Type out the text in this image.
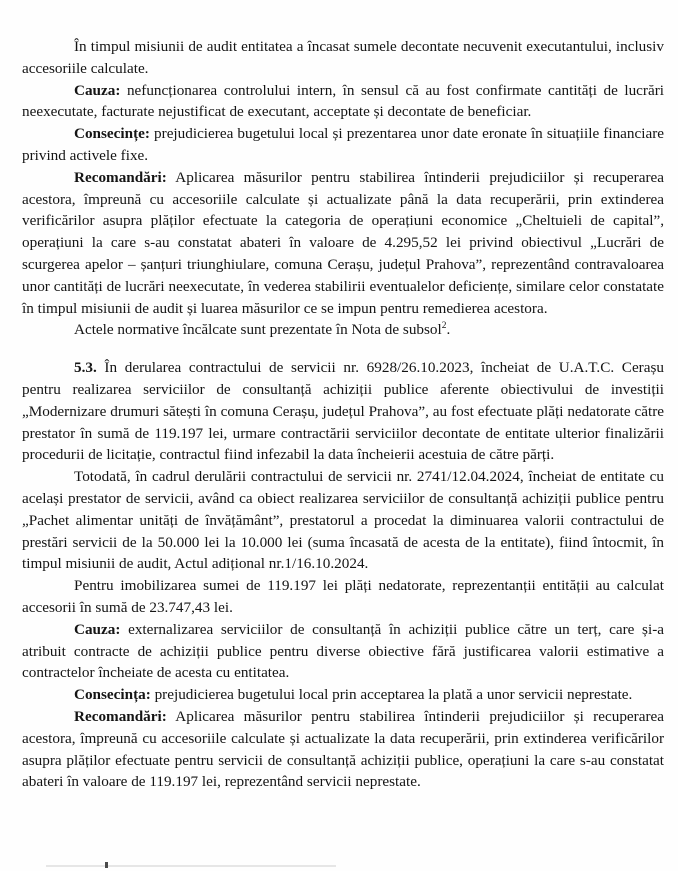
În timpul misiunii de audit entitatea a încasat sumele decontate necuvenit executantului, inclusiv accesoriile calculate.

Cauza: nefuncționarea controlului intern, în sensul că au fost confirmate cantități de lucrări neexecutate, facturate nejustificat de executant, acceptate și decontate de beneficiar.

Consecințe: prejudicierea bugetului local și prezentarea unor date eronate în situațiile financiare privind activele fixe.

Recomandări: Aplicarea măsurilor pentru stabilirea întinderii prejudiciilor și recuperarea acestora, împreună cu accesoriile calculate și actualizate până la data recuperării, prin extinderea verificărilor asupra plăților efectuate la categoria de operațiuni economice „Cheltuieli de capital”, operațiuni la care s-au constatat abateri în valoare de 4.295,52 lei privind obiectivul „Lucrări de scurgerea apelor – șanțuri triunghiulare, comuna Cerașu, județul Prahova”, reprezentând contravaloarea unor cantități de lucrări neexecutate, în vederea stabilirii eventualelor deficiențe, similare celor constatate în timpul misiunii de audit și luarea măsurilor ce se impun pentru remedierea acestora.

Actele normative încălcate sunt prezentate în Nota de subsol$^2$.

5.3. În derularea contractului de servicii nr. 6928/26.10.2023, încheiat de U.A.T.C. Cerașu pentru realizarea serviciilor de consultanță achiziții publice aferente obiectivului de investiții „Modernizare drumuri sătești în comuna Cerașu, județul Prahova”, au fost efectuate plăți nedatorate către prestator în sumă de 119.197 lei, urmare contractării serviciilor decontate de entitate ulterior finalizării procedurii de licitație, contractul fiind infezabil la data încheierii acestuia de către părți.

Totodată, în cadrul derulării contractului de servicii nr. 2741/12.04.2024, încheiat de entitate cu același prestator de servicii, având ca obiect realizarea serviciilor de consultanță achiziții publice pentru „Pachet alimentar unități de învățământ”, prestatorul a procedat la diminuarea valorii contractului de prestări servicii de la 50.000 lei la 10.000 lei (suma încasată de acesta de la entitate), fiind întocmit, în timpul misiunii de audit, Actul adițional nr.1/16.10.2024.

Pentru imobilizarea sumei de 119.197 lei plăți nedatorate, reprezentanții entității au calculat accesorii în sumă de 23.747,43 lei.

Cauza: externalizarea serviciilor de consultanță în achiziții publice către un terț, care și-a atribuit contracte de achiziții publice pentru diverse obiective fără justificarea valorii estimative a contractelor încheiate de acesta cu entitatea.

Consecința: prejudicierea bugetului local prin acceptarea la plată a unor servicii neprestate.

Recomandări: Aplicarea măsurilor pentru stabilirea întinderii prejudiciilor și recuperarea acestora, împreună cu accesoriile calculate și actualizate la data recuperării, prin extinderea verificărilor asupra plăților efectuate pentru servicii de consultanță achiziții publice, operațiuni la care s-au constatat abateri în valoare de 119.197 lei, reprezentând servicii neprestate.
